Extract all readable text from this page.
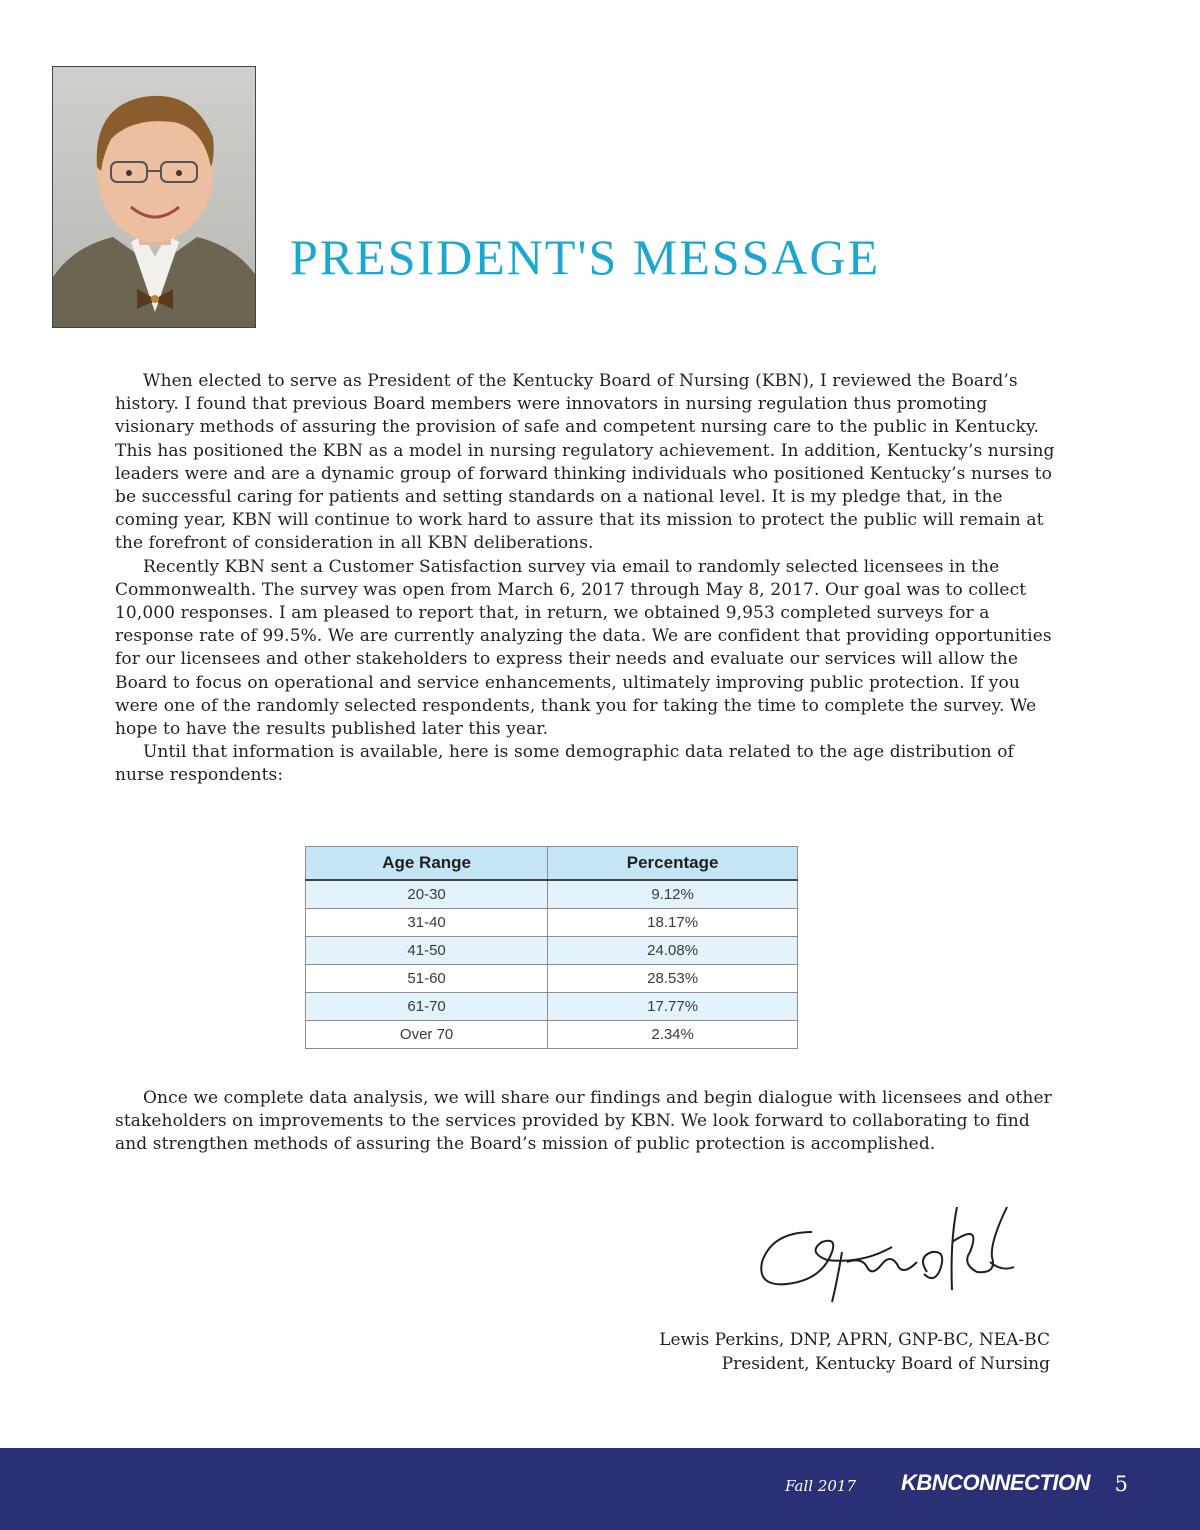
PRESIDENT'S MESSAGE

When elected to serve as President of the Kentucky Board of Nursing (KBN), I reviewed the Board’s history. I found that previous Board members were innovators in nursing regulation thus promoting visionary methods of assuring the provision of safe and competent nursing care to the public in Kentucky. This has positioned the KBN as a model in nursing regulatory achievement. In addition, Kentucky’s nursing leaders were and are a dynamic group of forward thinking individuals who positioned Kentucky’s nurses to be successful caring for patients and setting standards on a national level. It is my pledge that, in the coming year, KBN will continue to work hard to assure that its mission to protect the public will remain at the forefront of consideration in all KBN deliberations.

Recently KBN sent a Customer Satisfaction survey via email to randomly selected licensees in the Commonwealth. The survey was open from March 6, 2017 through May 8, 2017. Our goal was to collect 10,000 responses. I am pleased to report that, in return, we obtained 9,953 completed surveys for a response rate of 99.5%. We are currently analyzing the data. We are confident that providing opportunities for our licensees and other stakeholders to express their needs and evaluate our services will allow the Board to focus on operational and service enhancements, ultimately improving public protection. If you were one of the randomly selected respondents, thank you for taking the time to complete the survey. We hope to have the results published later this year.

Until that information is available, here is some demographic data related to the age distribution of nurse respondents:

Age Range	Percentage
20-30	9.12%
31-40	18.17%
41-50	24.08%
51-60	28.53%
61-70	17.77%
Over 70	2.34%

Once we complete data analysis, we will share our findings and begin dialogue with licensees and other stakeholders on improvements to the services provided by KBN. We look forward to collaborating to find and strengthen methods of assuring the Board’s mission of public protection is accomplished.

Lewis Perkins, DNP, APRN, GNP-BC, NEA-BC
President, Kentucky Board of Nursing
Fall 2017 KBNCONNECTION 5
